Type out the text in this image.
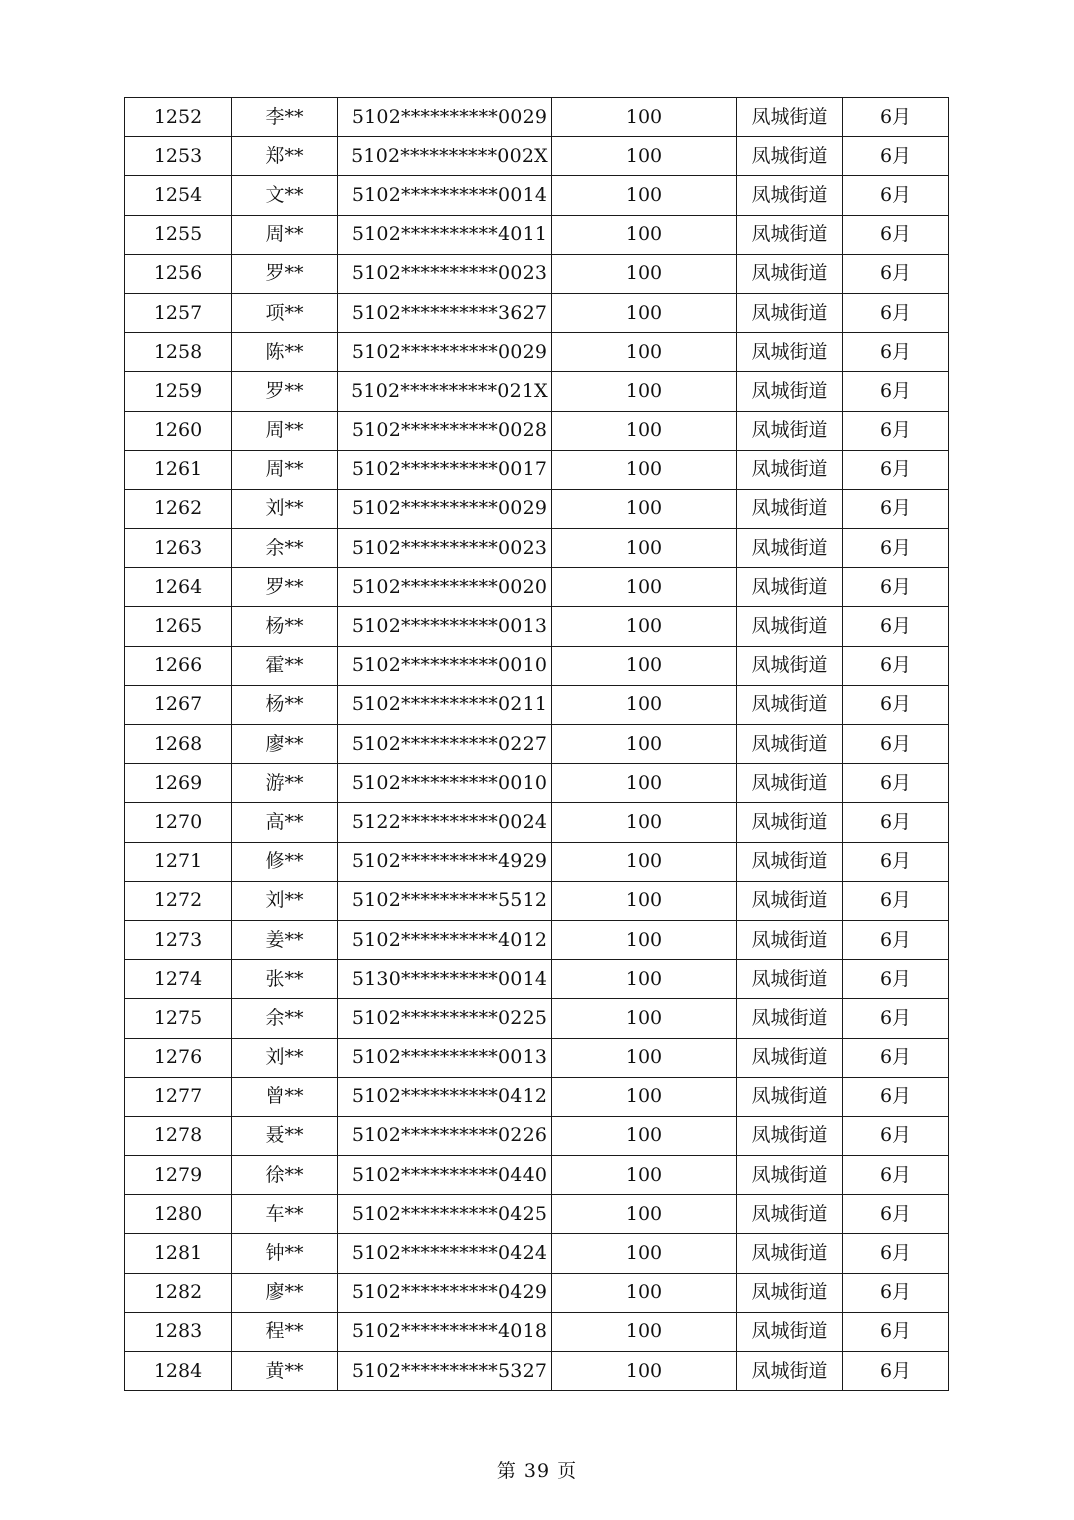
1252	李**	5102**********0029	100	凤城街道	6月
1253	郑**	5102**********002X	100	凤城街道	6月
1254	文**	5102**********0014	100	凤城街道	6月
1255	周**	5102**********4011	100	凤城街道	6月
1256	罗**	5102**********0023	100	凤城街道	6月
1257	项**	5102**********3627	100	凤城街道	6月
1258	陈**	5102**********0029	100	凤城街道	6月
1259	罗**	5102**********021X	100	凤城街道	6月
1260	周**	5102**********0028	100	凤城街道	6月
1261	周**	5102**********0017	100	凤城街道	6月
1262	刘**	5102**********0029	100	凤城街道	6月
1263	余**	5102**********0023	100	凤城街道	6月
1264	罗**	5102**********0020	100	凤城街道	6月
1265	杨**	5102**********0013	100	凤城街道	6月
1266	霍**	5102**********0010	100	凤城街道	6月
1267	杨**	5102**********0211	100	凤城街道	6月
1268	廖**	5102**********0227	100	凤城街道	6月
1269	游**	5102**********0010	100	凤城街道	6月
1270	高**	5122**********0024	100	凤城街道	6月
1271	修**	5102**********4929	100	凤城街道	6月
1272	刘**	5102**********5512	100	凤城街道	6月
1273	姜**	5102**********4012	100	凤城街道	6月
1274	张**	5130**********0014	100	凤城街道	6月
1275	余**	5102**********0225	100	凤城街道	6月
1276	刘**	5102**********0013	100	凤城街道	6月
1277	曾**	5102**********0412	100	凤城街道	6月
1278	聂**	5102**********0226	100	凤城街道	6月
1279	徐**	5102**********0440	100	凤城街道	6月
1280	车**	5102**********0425	100	凤城街道	6月
1281	钟**	5102**********0424	100	凤城街道	6月
1282	廖**	5102**********0429	100	凤城街道	6月
1283	程**	5102**********4018	100	凤城街道	6月
1284	黄**	5102**********5327	100	凤城街道	6月
第 39 页
